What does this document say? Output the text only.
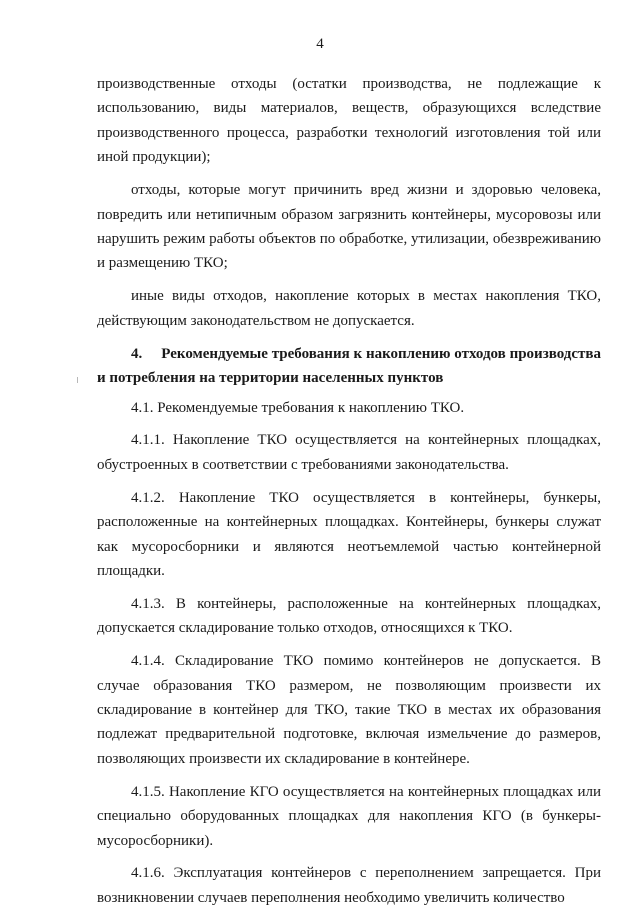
4

производственные отходы (остатки производства, не подлежащие к использованию, виды материалов, веществ, образующихся вследствие производственного процесса, разработки технологий изготовления той или иной продукции);

отходы, которые могут причинить вред жизни и здоровью человека, повредить или нетипичным образом загрязнить контейнеры, мусоровозы или нарушить режим работы объектов по обработке, утилизации, обезвреживанию и размещению ТКО;

иные виды отходов, накопление которых в местах накопления ТКО, действующим законодательством не допускается.

4. Рекомендуемые требования к накоплению отходов производства и потребления на территории населенных пунктов

4.1. Рекомендуемые требования к накоплению ТКО.

4.1.1. Накопление ТКО осуществляется на контейнерных площадках, обустроенных в соответствии с требованиями законодательства.

4.1.2. Накопление ТКО осуществляется в контейнеры, бункеры, расположенные на контейнерных площадках. Контейнеры, бункеры служат как мусоросборники и являются неотъемлемой частью контейнерной площадки.

4.1.3. В контейнеры, расположенные на контейнерных площадках, допускается складирование только отходов, относящихся к ТКО.

4.1.4. Складирование ТКО помимо контейнеров не допускается. В случае образования ТКО размером, не позволяющим произвести их складирование в контейнер для ТКО, такие ТКО в местах их образования подлежат предварительной подготовке, включая измельчение до размеров, позволяющих произвести их складирование в контейнере.

4.1.5. Накопление КГО осуществляется на контейнерных площадках или специально оборудованных площадках для накопления КГО (в бункеры-мусоросборники).

4.1.6. Эксплуатация контейнеров с переполнением запрещается. При возникновении случаев переполнения необходимо увеличить количество
